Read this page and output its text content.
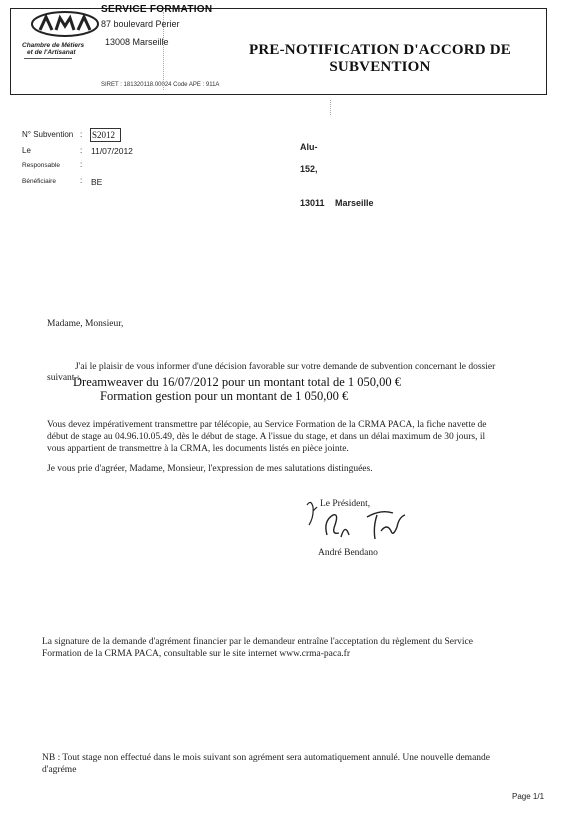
Chambre de Métiers
et de l'Artisanat
SERVICE FORMATION
87 boulevard Perier
13008 Marseille	PRE-NOTIFICATION D'ACCORD DE
SUBVENTION
SIRET : 181320118.00024 Code APE : 911A
N° Subvention : S2012
Le	: 11/07/2012
Responsable	:
Bénéficiaire	: BE
Alu-
152,
13011 Marseille
Madame, Monsieur,
J'ai le plaisir de vous informer d'une décision favorable sur votre demande de subvention concernant le dossier
suivant :
Dreamweaver du 16/07/2012 pour un montant total de 1 050,00 €
Formation gestion pour un montant de 1 050,00 €
Vous devez impérativement transmettre par télécopie, au Service Formation de la CRMA PACA, la fiche navette de
début de stage au 04.96.10.05.49, dès le début de stage. A l'issue du stage, et dans un délai maximum de 30 jours, il
vous appartient de transmettre à la CRMA, les documents listés en pièce jointe.
Je vous prie d'agréer, Madame, Monsieur, l'expression de mes salutations distinguées.
Le Président,
André Bendano
La signature de la demande d'agrément financier par le demandeur entraîne l'acceptation du règlement du Service
Formation de la CRMA PACA, consultable sur le site internet www.crma-paca.fr
NB : Tout stage non effectué dans le mois suivant son agrément sera automatiquement annulé. Une nouvelle demande
d'agréme
Page 1/1
